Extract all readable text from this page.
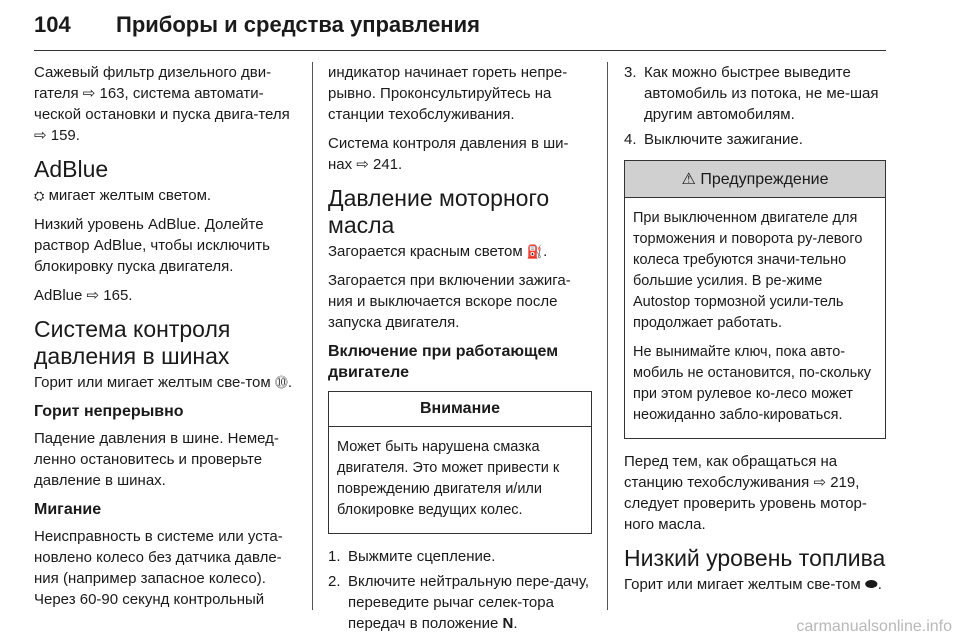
104 Приборы и средства управления

Сажевый фильтр дизельного дви-гателя ⇨ 163, система автомати-ческой остановки и пуска двига-теля ⇨ 159.

AdBlue

⛭ мигает желтым светом.

Низкий уровень AdBlue. Долейте раствор AdBlue, чтобы исключить блокировку пуска двигателя.

AdBlue ⇨ 165.

Система контроля давления в шинах

Горит или мигает желтым све-том ⓾.

Горит непрерывно

Падение давления в шине. Немед-ленно остановитесь и проверьте давление в шинах.

Мигание

Неисправность в системе или уста-новлено колесо без датчика давле-ния (например запасное колесо). Через 60-90 секунд контрольный

индикатор начинает гореть непре-рывно. Проконсультируйтесь на станции техобслуживания.

Система контроля давления в ши-нах ⇨ 241.

Давление моторного масла

Загорается красным светом ⛽.

Загорается при включении зажига-ния и выключается вскоре после запуска двигателя.

Включение при работающем двигателе
Внимание

Может быть нарушена смазка двигателя. Это может привести к повреждению двигателя и/или блокировке ведущих колес.

1. Выжмите сцепление.
2. Включите нейтральную пере-дачу, переведите рычаг селек-тора передач в положение N.
3. Как можно быстрее выведите автомобиль из потока, не ме-шая другим автомобилям.
4. Выключите зажигание.
⚠ Предупреждение

При выключенном двигателе для торможения и поворота ру-левого колеса требуются значи-тельно большие усилия. В ре-жиме Autostop тормозной усили-тель продолжает работать.

Не вынимайте ключ, пока авто-мобиль не остановится, по-скольку при этом рулевое ко-лесо может неожиданно забло-кироваться.

Перед тем, как обращаться на станцию техобслуживания ⇨ 219, следует проверить уровень мотор-ного масла.

Низкий уровень топлива

Горит или мигает желтым све-том ⬬.

carmanualsonline.info
